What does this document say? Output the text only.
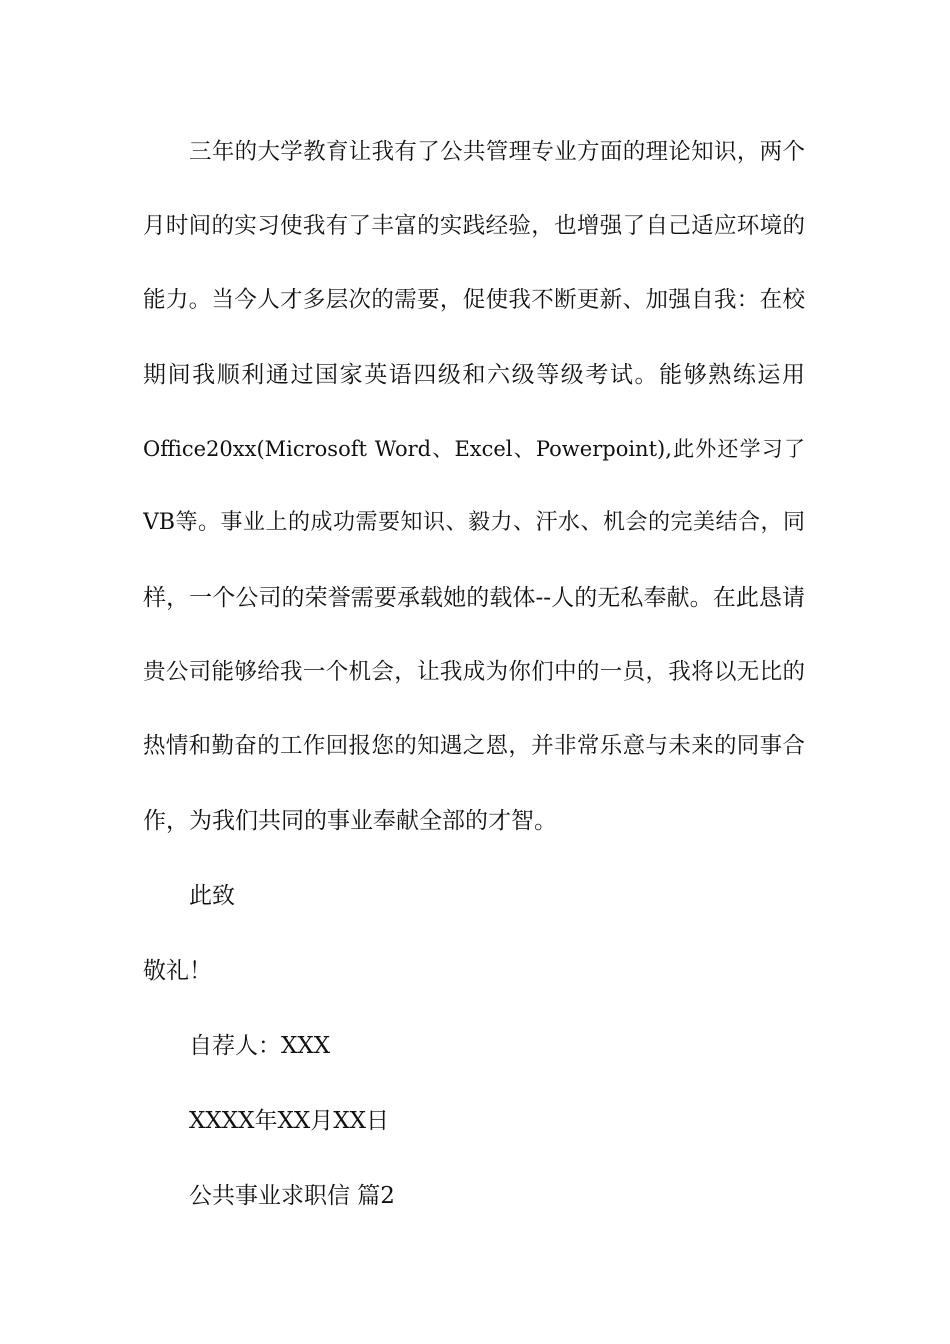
三年的大学教育让我有了公共管理专业方面的理论知识，两个
月时间的实习使我有了丰富的实践经验，也增强了自己适应环境的
能力。当今人才多层次的需要，促使我不断更新、加强自我：在校
期间我顺利通过国家英语四级和六级等级考试。能够熟练运用
Office20xx(Microsoft Word、Excel、Powerpoint),此外还学习了
VB等。事业上的成功需要知识、毅力、汗水、机会的完美结合，同
样，一个公司的荣誉需要承载她的载体--人的无私奉献。在此恳请
贵公司能够给我一个机会，让我成为你们中的一员，我将以无比的
热情和勤奋的工作回报您的知遇之恩，并非常乐意与未来的同事合
作，为我们共同的事业奉献全部的才智。
此致
敬礼！
自荐人：XXX
XXXX年XX月XX日
公共事业求职信 篇2
